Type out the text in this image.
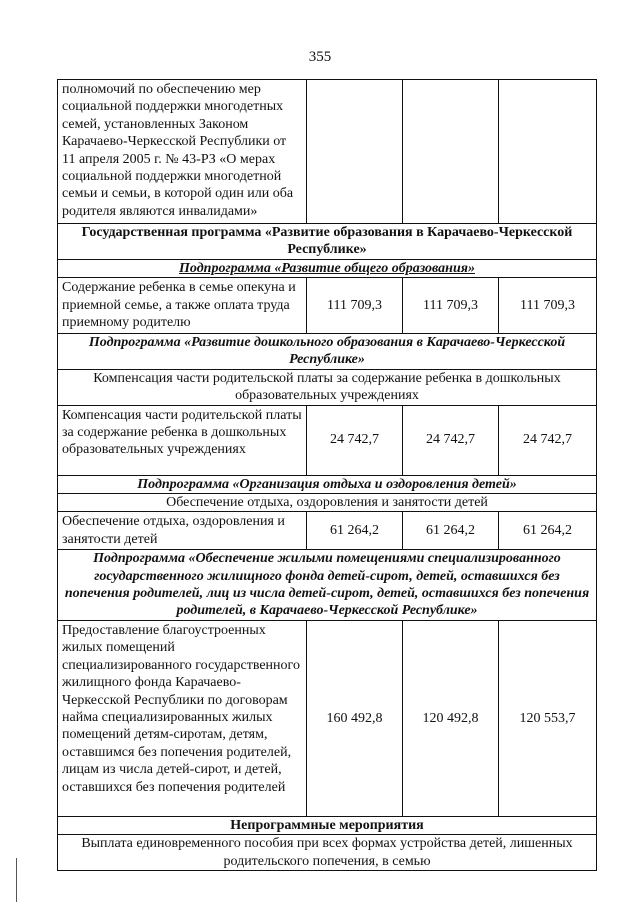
355
полномочий по обеспечению мер социальной поддержки многодетных семей, установленных Законом Карачаево-Черкесской Республики от 11 апреля 2005 г. № 43-РЗ «О мерах социальной поддержки многодетной семьи и семьи, в которой один или оба родителя являются инвалидами»			
Государственная программа «Развитие образования в Карачаево-Черкесской Республике»			
Подпрограмма «Развитие общего образования»			
Содержание ребенка в семье опекуна и приемной семье, а также оплата труда приемному родителю	111 709,3	111 709,3	111 709,3
Подпрограмма «Развитие дошкольного образования в Карачаево-Черкесской Республике»			
Компенсация части родительской платы за содержание ребенка в дошкольных образовательных учреждениях			
Компенсация части родительской платы за содержание ребенка в дошкольных образовательных учреждениях	24 742,7	24 742,7	24 742,7
Подпрограмма «Организация отдыха и оздоровления детей»			
Обеспечение отдыха, оздоровления и занятости детей			
Обеспечение отдыха, оздоровления и занятости детей	61 264,2	61 264,2	61 264,2
Подпрограмма «Обеспечение жилыми помещениями специализированного государственного жилищного фонда детей-сирот, детей, оставшихся без попечения родителей, лиц из числа детей-сирот, детей, оставшихся без попечения родителей, в Карачаево-Черкесской Республике»			
Предоставление благоустроенных жилых помещений специализированного государственного жилищного фонда Карачаево-Черкесской Республики по договорам найма специализированных жилых помещений детям-сиротам, детям, оставшимся без попечения родителей, лицам из числа детей-сирот, и детей, оставшихся без попечения родителей	160 492,8	120 492,8	120 553,7
Непрограммные мероприятия			
Выплата единовременного пособия при всех формах устройства детей, лишенных родительского попечения, в семью			
